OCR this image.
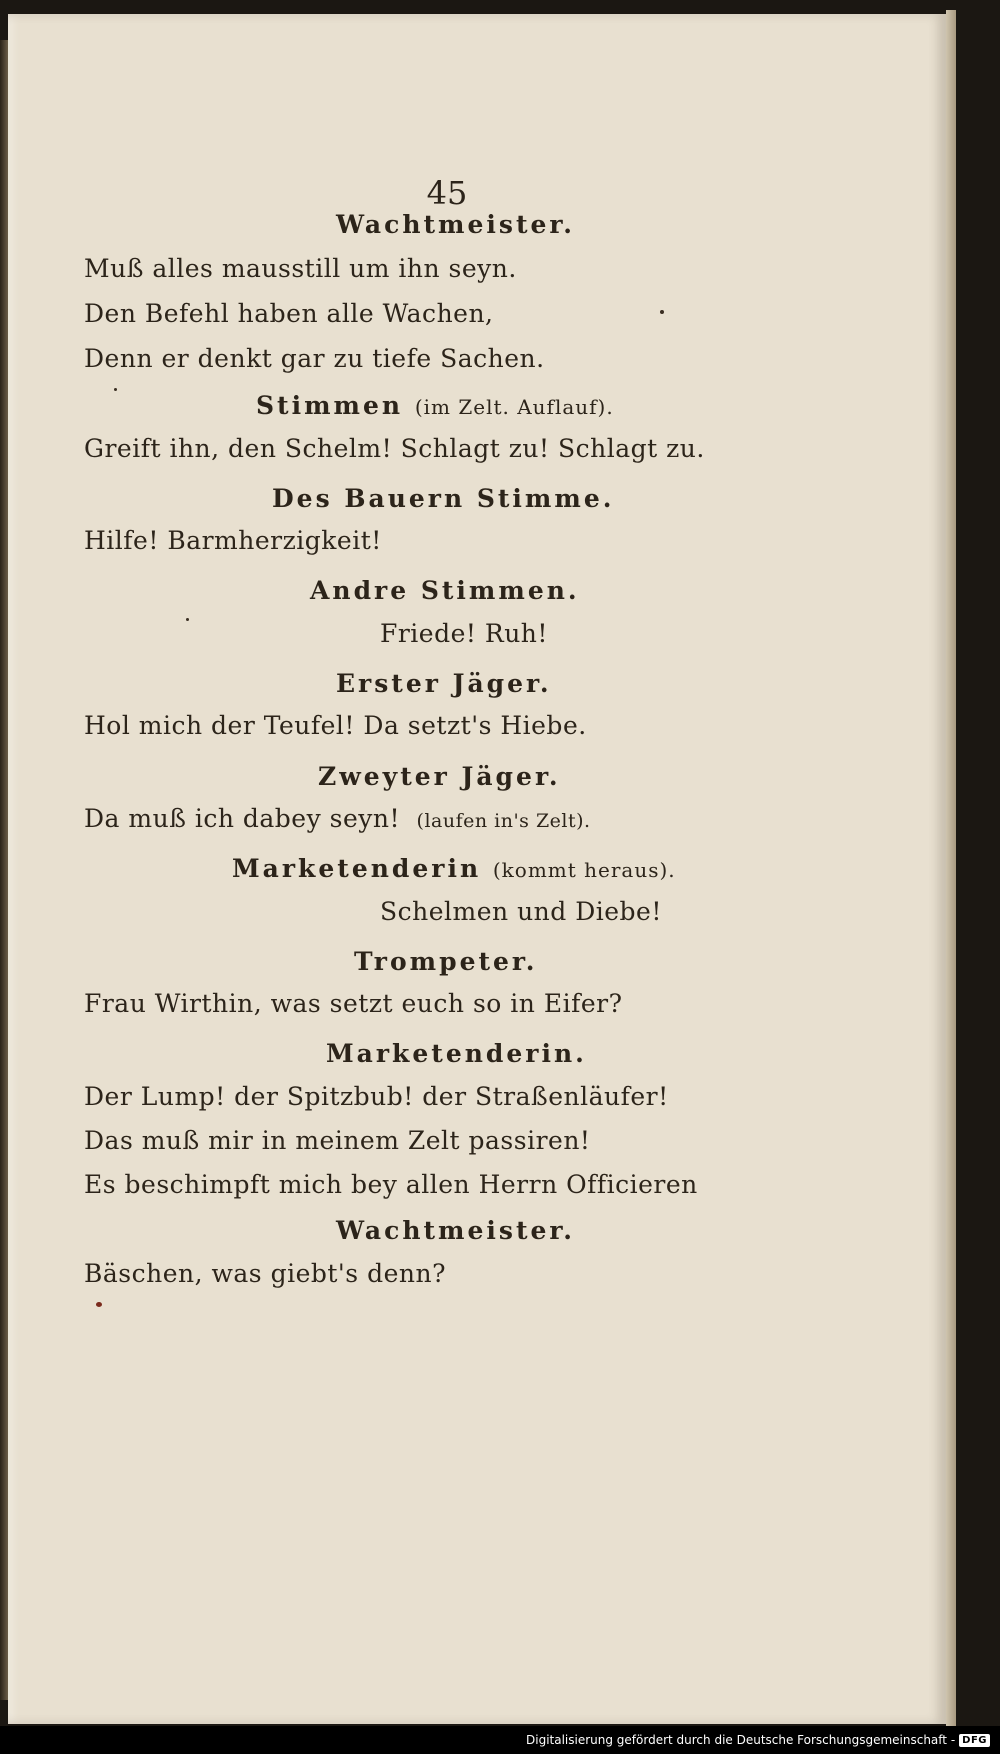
45
Wachtmeister.
Muß alles mausstill um ihn seyn.
Den Befehl haben alle Wachen,
Denn er denkt gar zu tiefe Sachen.
Stimmen (im Zelt. Auflauf).
Greift ihn, den Schelm! Schlagt zu! Schlagt zu.
Des Bauern Stimme.
Hilfe! Barmherzigkeit!
Andre Stimmen.
Friede! Ruh!
Erster Jäger.
Hol mich der Teufel! Da setzt's Hiebe.
Zweyter Jäger.
Da muß ich dabey seyn! (laufen in's Zelt).
Marketenderin (kommt heraus).
Schelmen und Diebe!
Trompeter.
Frau Wirthin, was setzt euch so in Eifer?
Marketenderin.
Der Lump! der Spitzbub! der Straßenläufer!
Das muß mir in meinem Zelt passiren!
Es beschimpft mich bey allen Herrn Officieren
Wachtmeister.
Bäschen, was giebt's denn?
Digitalisierung gefördert durch die Deutsche Forschungsgemeinschaft - DFG
